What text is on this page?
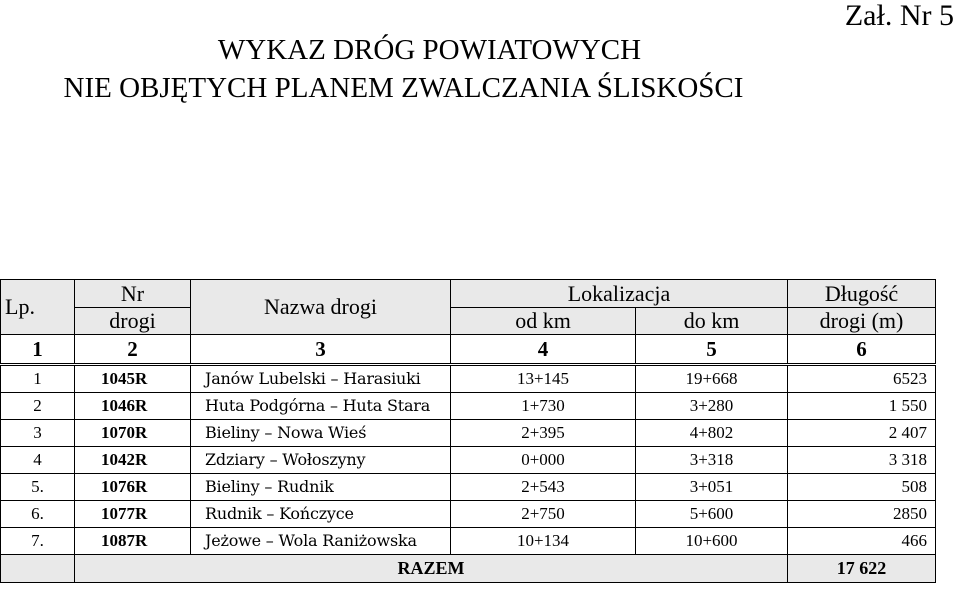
Zał. Nr 5
WYKAZ DRÓG POWIATOWYCH
NIE OBJĘTYCH PLANEM ZWALCZANIA ŚLISKOŚCI
Lp.	Nr	Nazwa drogi	Lokalizacja		Długość
	drogi		od km	do km	drogi (m)
1	2	3	4	5	6
1	1045R	Janów Lubelski – Harasiuki	13+145	19+668	6523
2	1046R	Huta Podgórna – Huta Stara	1+730	3+280	1 550
3	1070R	Bieliny – Nowa Wieś	2+395	4+802	2 407
4	1042R	Zdziary – Wołoszyny	0+000	3+318	3 318
5.	1076R	Bieliny – Rudnik	2+543	3+051	508
6.	1077R	Rudnik – Kończyce	2+750	5+600	2850
7.	1087R	Jeżowe – Wola Raniżowska	10+134	10+600	466
	RAZEM				17 622
